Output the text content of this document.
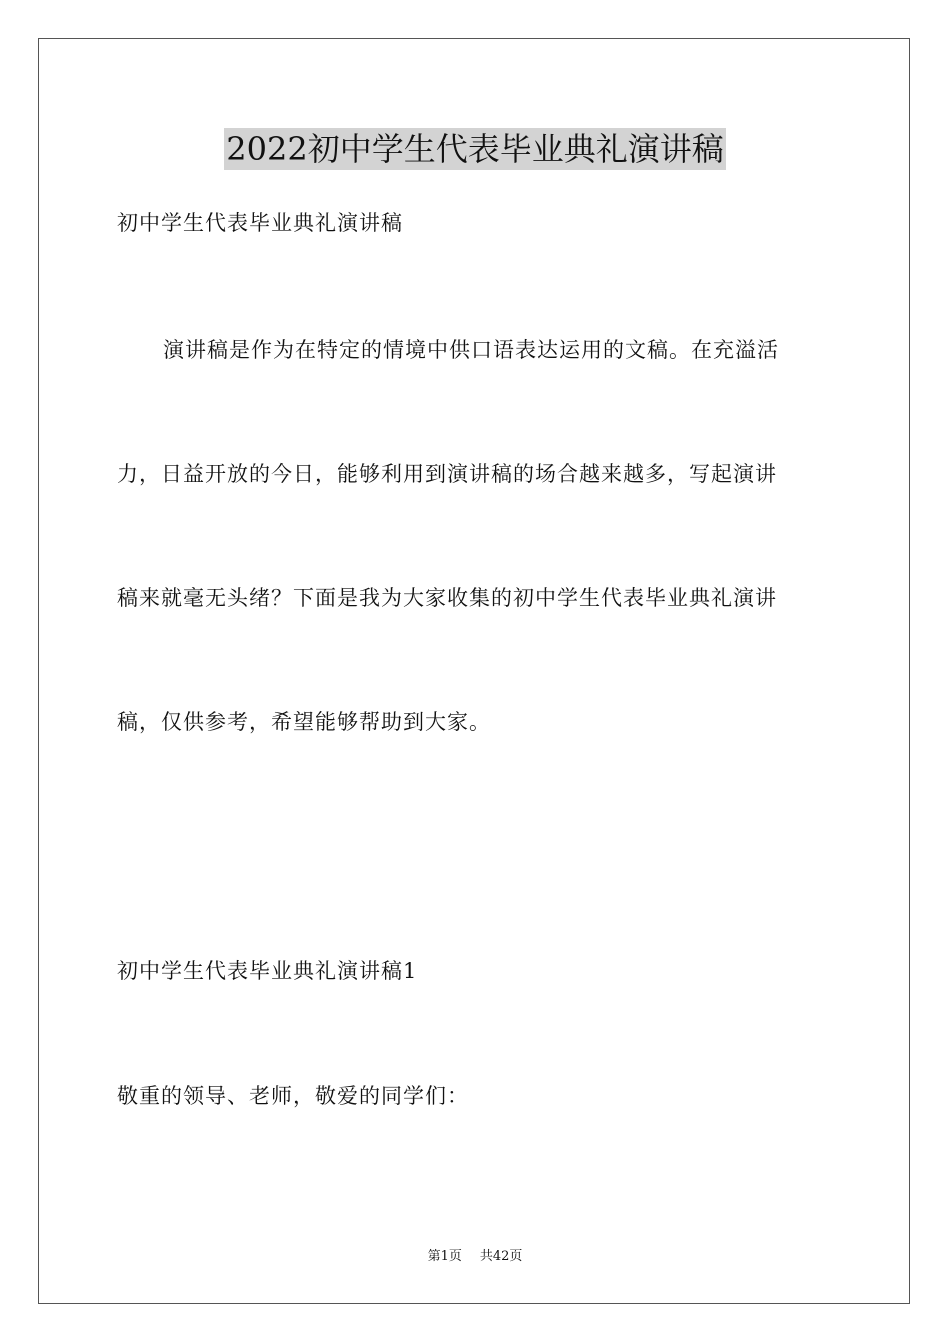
2022初中学生代表毕业典礼演讲稿
初中学生代表毕业典礼演讲稿
演讲稿是作为在特定的情境中供口语表达运用的文稿。在充溢活
力，日益开放的今日，能够利用到演讲稿的场合越来越多，写起演讲
稿来就毫无头绪？下面是我为大家收集的初中学生代表毕业典礼演讲
稿，仅供参考，希望能够帮助到大家。
初中学生代表毕业典礼演讲稿1
敬重的领导、老师，敬爱的同学们：
第1页 共42页
